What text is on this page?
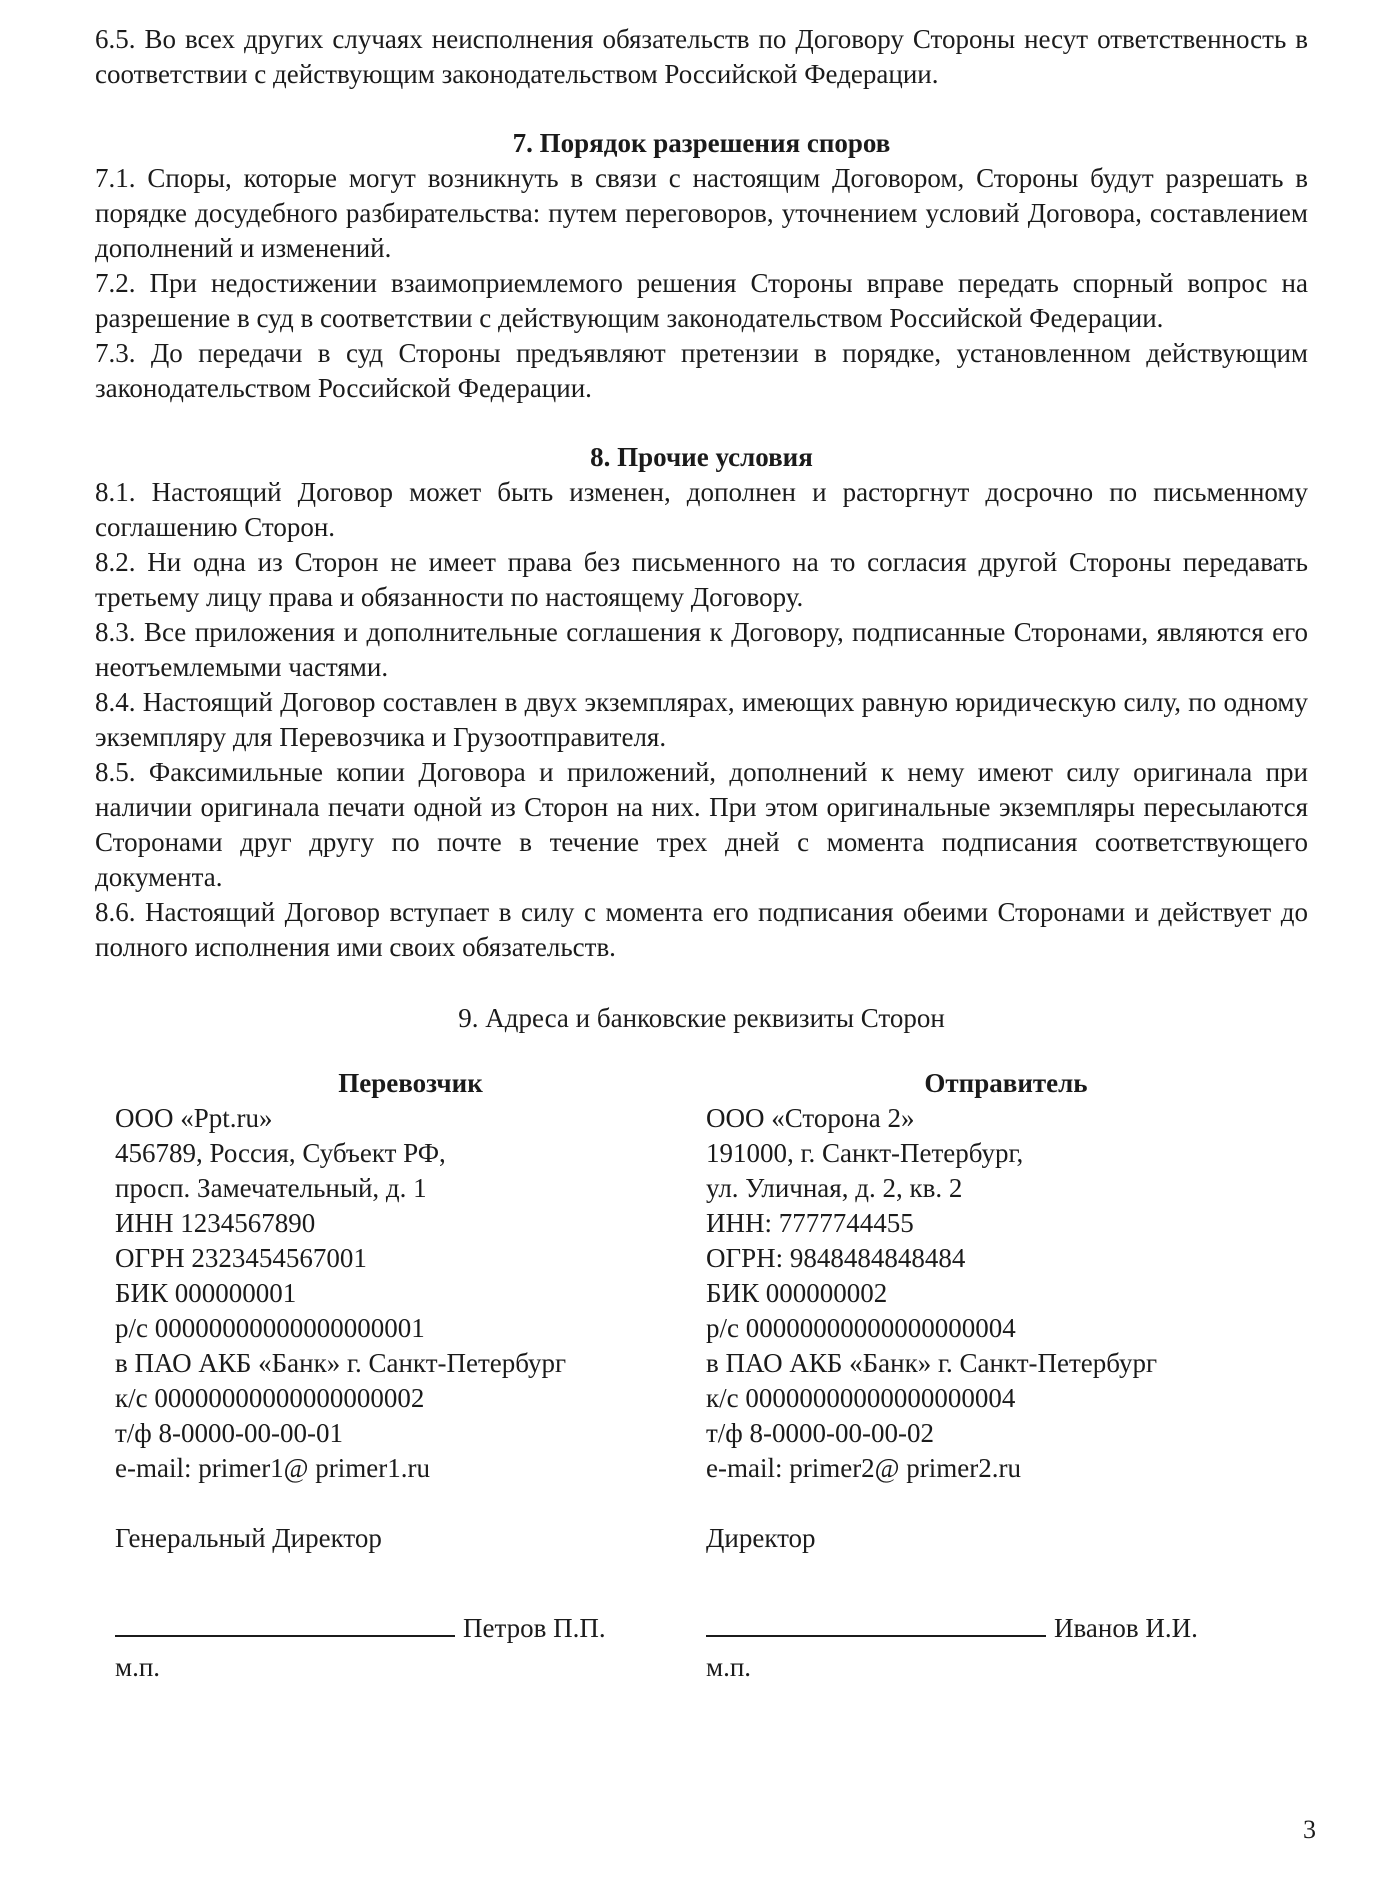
6.5. Во всех других случаях неисполнения обязательств по Договору Стороны несут ответственность в соответствии с действующим законодательством Российской Федерации.

7. Порядок разрешения споров

7.1. Споры, которые могут возникнуть в связи с настоящим Договором, Стороны будут разрешать в порядке досудебного разбирательства: путем переговоров, уточнением условий Договора, составлением дополнений и изменений.

7.2. При недостижении взаимоприемлемого решения Стороны вправе передать спорный вопрос на разрешение в суд в соответствии с действующим законодательством Российской Федерации.

7.3. До передачи в суд Стороны предъявляют претензии в порядке, установленном действующим законодательством Российской Федерации.

8. Прочие условия

8.1. Настоящий Договор может быть изменен, дополнен и расторгнут досрочно по письменному соглашению Сторон.

8.2. Ни одна из Сторон не имеет права без письменного на то согласия другой Стороны передавать третьему лицу права и обязанности по настоящему Договору.

8.3. Все приложения и дополнительные соглашения к Договору, подписанные Сторонами, являются его неотъемлемыми частями.

8.4. Настоящий Договор составлен в двух экземплярах, имеющих равную юридическую силу, по одному экземпляру для Перевозчика и Грузоотправителя.

8.5. Факсимильные копии Договора и приложений, дополнений к нему имеют силу оригинала при наличии оригинала печати одной из Сторон на них. При этом оригинальные экземпляры пересылаются Сторонами друг другу по почте в течение трех дней с момента подписания соответствующего документа.

8.6. Настоящий Договор вступает в силу с момента его подписания обеими Сторонами и действует до полного исполнения ими своих обязательств.

9. Адреса и банковские реквизиты Сторон

Перевозчик
ООО «Ppt.ru»
456789, Россия, Субъект РФ,
просп. Замечательный, д. 1
ИНН 1234567890
ОГРН 2323454567001
БИК 000000001
р/с 00000000000000000001
в ПАО АКБ «Банк» г. Санкт-Петербург
к/с 00000000000000000002
т/ф 8-0000-00-00-01
e-mail: primer1@ primer1.ru
Генеральный Директор
Петров П.П.
м.п.
Отправитель
ООО «Сторона 2»
191000, г. Санкт-Петербург,
ул. Уличная, д. 2, кв. 2
ИНН: 7777744455
ОГРН: 9848484848484
БИК 000000002
р/с 00000000000000000004
в ПАО АКБ «Банк» г. Санкт-Петербург
к/с 00000000000000000004
т/ф 8-0000-00-00-02
e-mail: primer2@ primer2.ru
Директор
Иванов И.И.
м.п.
3
